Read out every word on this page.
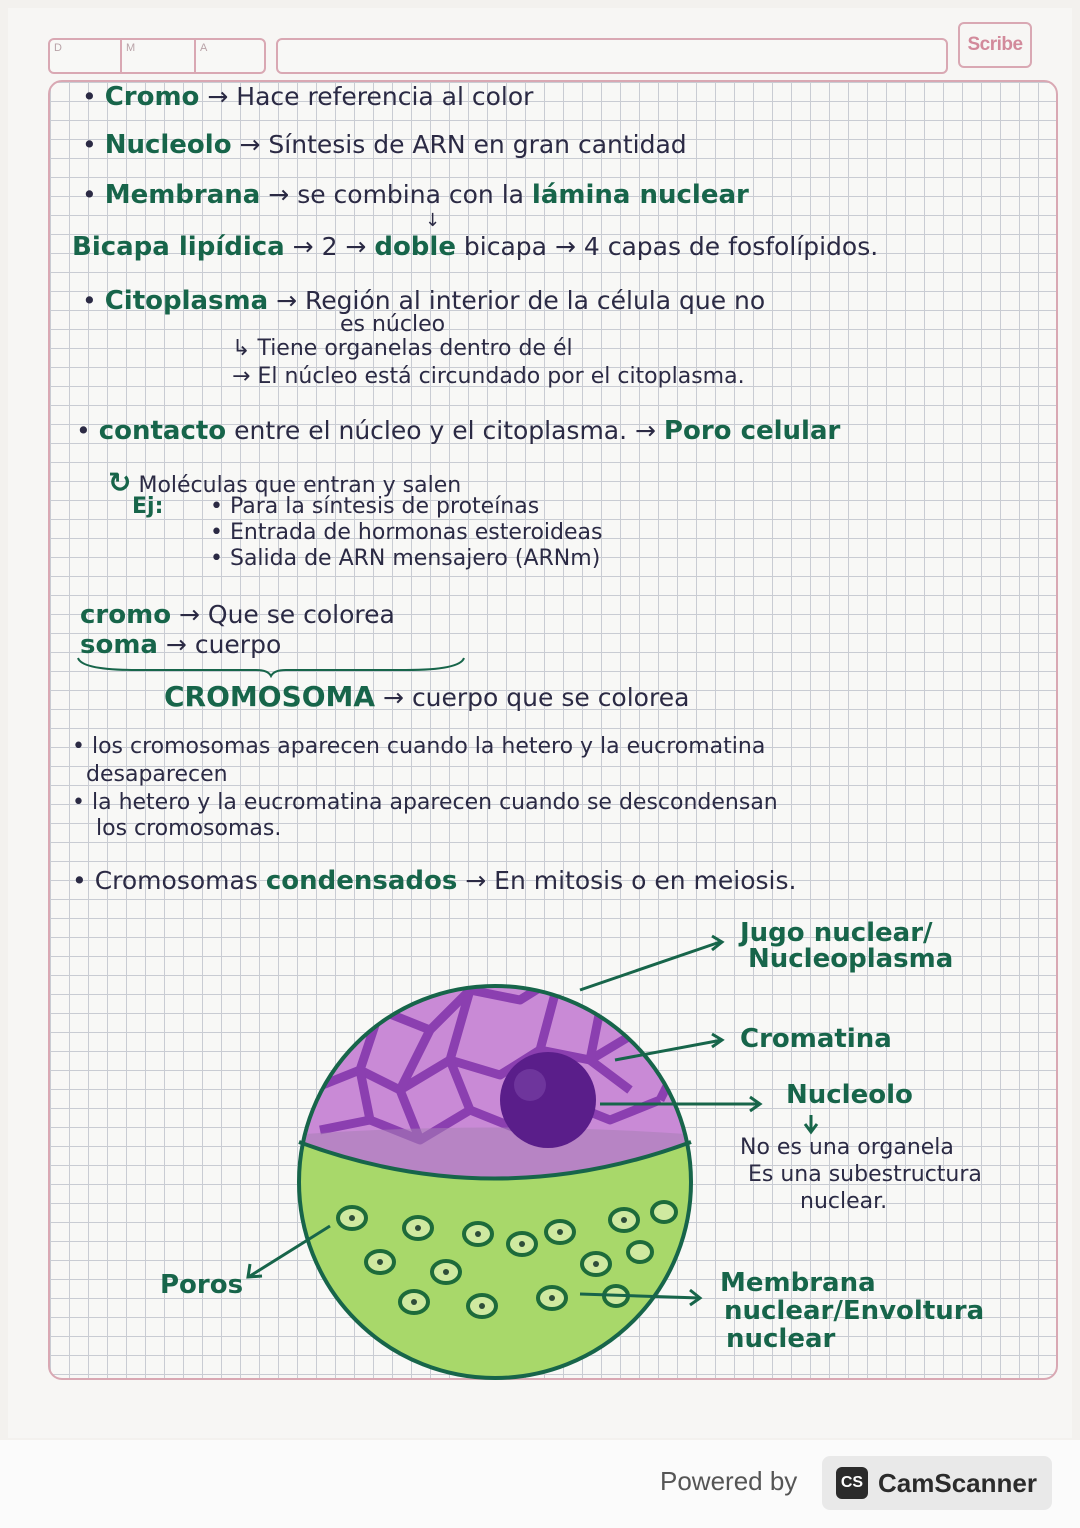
D	M	A	Scribe
• Cromo → Hace referencia al color
• Nucleolo → Síntesis de ARN en gran cantidad
• Membrana → se combina con la lámina nuclear
↓
Bicapa lipídica → 2 → doble bicapa → 4 capas de fosfolípidos.
• Citoplasma → Región al interior de la célula que no
es núcleo
↳ Tiene organelas dentro de él
→ El núcleo está circundado por el citoplasma.
• contacto entre el núcleo y el citoplasma. → Poro celular
↻ Moléculas que entran y salen
Ej: • Para la síntesis de proteínas
• Entrada de hormonas esteroideas
• Salida de ARN mensajero (ARNm)
cromo → Que se colorea
soma → cuerpo
CROMOSOMA → cuerpo que se colorea
• los cromosomas aparecen cuando la hetero y la eucromatina
desaparecen
• la hetero y la eucromatina aparecen cuando se descondensan
los cromosomas.
• Cromosomas condensados → En mitosis o en meiosis.
Jugo nuclear/
Nucleoplasma
Cromatina
Nucleolo
No es una organela
Es una subestructura
nuclear.
Poros	Membrana
nuclear/Envoltura
nuclear
Powered by	CS CamScanner
